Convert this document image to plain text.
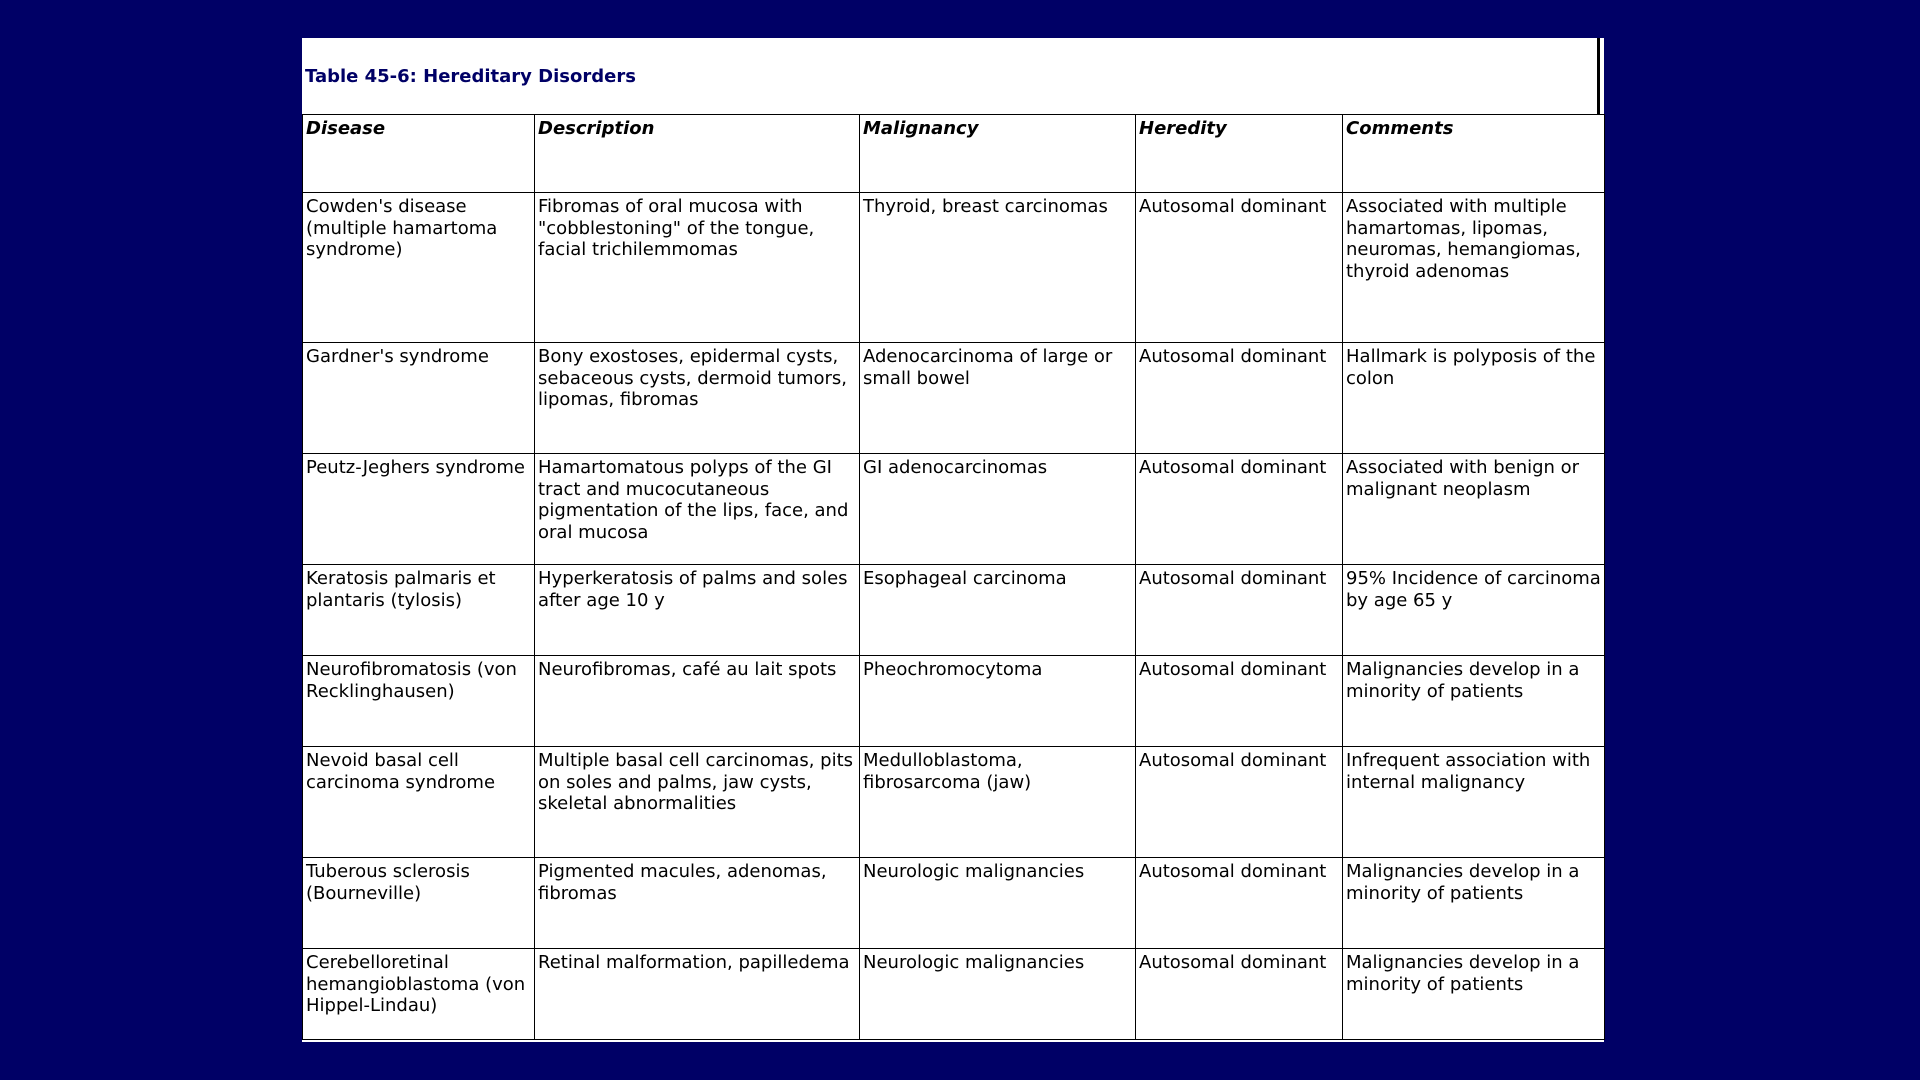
Table 45-6: Hereditary Disorders
Disease	Description	Malignancy	Heredity	Comments
Cowden's disease (multiple hamartoma syndrome)	Fibromas of oral mucosa with "cobblestoning" of the tongue, facial trichilemmomas	Thyroid, breast carcinomas	Autosomal dominant	Associated with multiple hamartomas, lipomas, neuromas, hemangiomas, thyroid adenomas
Gardner's syndrome	Bony exostoses, epidermal cysts, sebaceous cysts, dermoid tumors, lipomas, fibromas	Adenocarcinoma of large or small bowel	Autosomal dominant	Hallmark is polyposis of the colon
Peutz-Jeghers syndrome	Hamartomatous polyps of the GI tract and mucocutaneous pigmentation of the lips, face, and oral mucosa	GI adenocarcinomas	Autosomal dominant	Associated with benign or malignant neoplasm
Keratosis palmaris et plantaris (tylosis)	Hyperkeratosis of palms and soles after age 10 y	Esophageal carcinoma	Autosomal dominant	95% Incidence of carcinoma by age 65 y
Neurofibromatosis (von Recklinghausen)	Neurofibromas, café au lait spots	Pheochromocytoma	Autosomal dominant	Malignancies develop in a minority of patients
Nevoid basal cell carcinoma syndrome	Multiple basal cell carcinomas, pits on soles and palms, jaw cysts, skeletal abnormalities	Medulloblastoma, fibrosarcoma (jaw)	Autosomal dominant	Infrequent association with internal malignancy
Tuberous sclerosis (Bourneville)	Pigmented macules, adenomas, fibromas	Neurologic malignancies	Autosomal dominant	Malignancies develop in a minority of patients
Cerebelloretinal hemangioblastoma (von Hippel-Lindau)	Retinal malformation, papilledema	Neurologic malignancies	Autosomal dominant	Malignancies develop in a minority of patients
